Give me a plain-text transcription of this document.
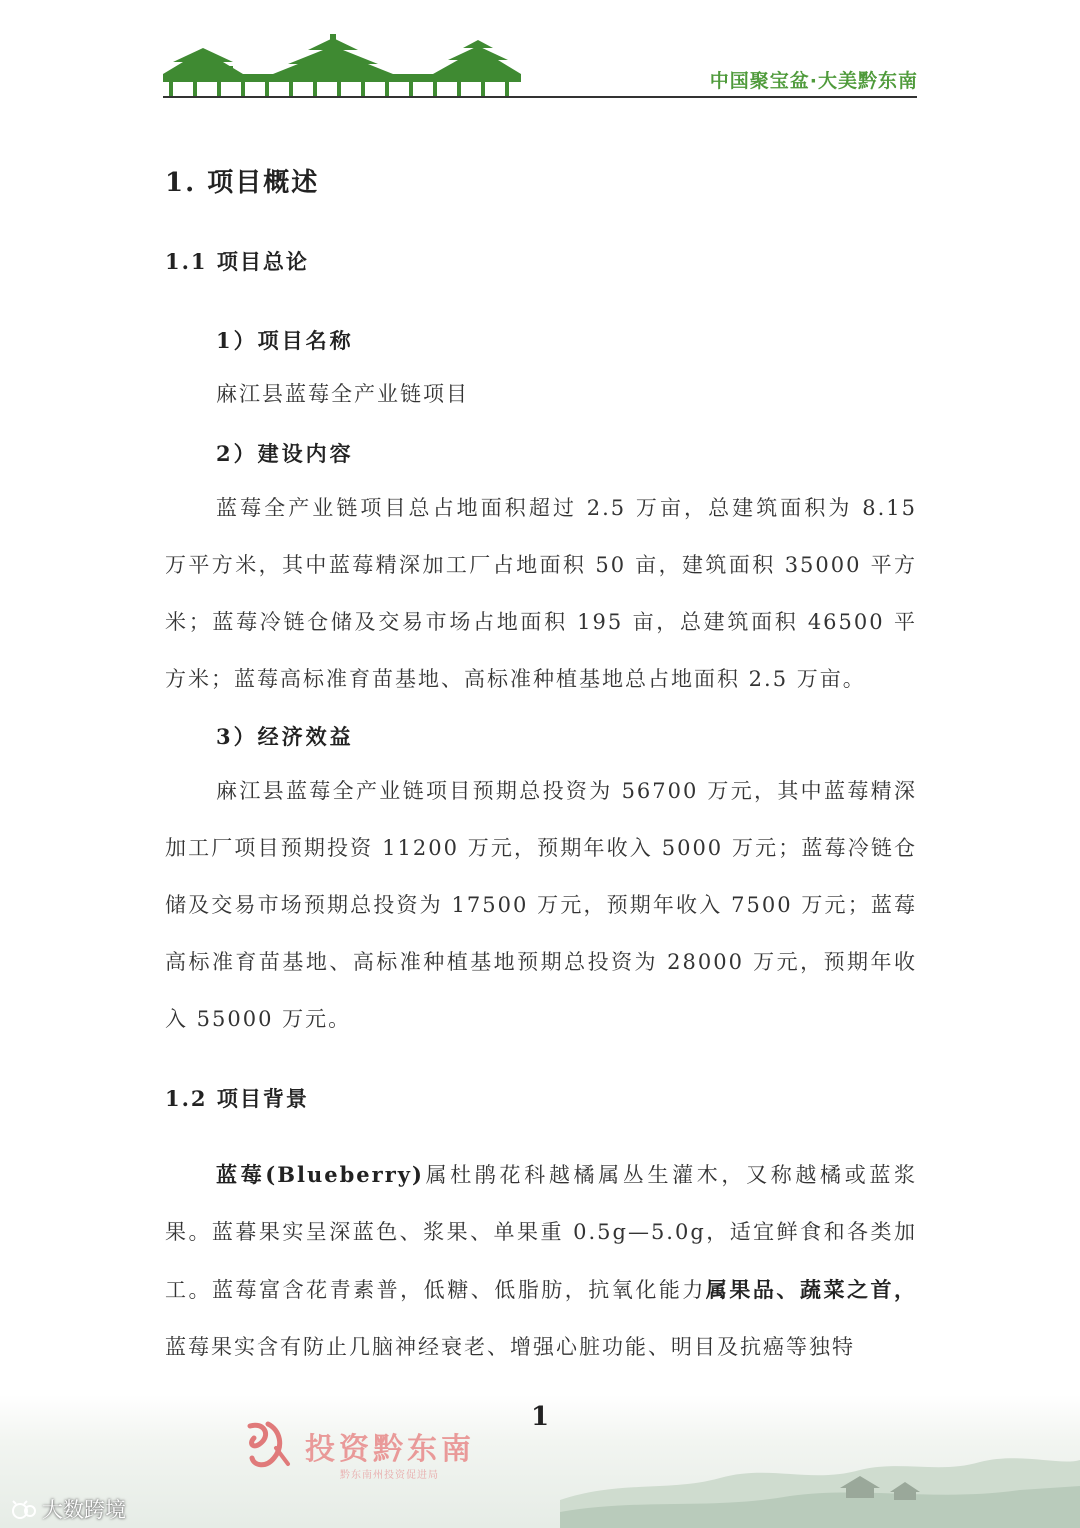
中国聚宝盆·大美黔东南
1. 项目概述
1.1 项目总论
1）项目名称

麻江县蓝莓全产业链项目

2）建设内容

蓝莓全产业链项目总占地面积超过 2.5 万亩，总建筑面积为 8.15 万平方米，其中蓝莓精深加工厂占地面积 50 亩，建筑面积 35000 平方米；蓝莓冷链仓储及交易市场占地面积 195 亩，总建筑面积 46500 平方米；蓝莓高标准育苗基地、高标准种植基地总占地面积 2.5 万亩。

3）经济效益

麻江县蓝莓全产业链项目预期总投资为 56700 万元，其中蓝莓精深加工厂项目预期投资 11200 万元，预期年收入 5000 万元；蓝莓冷链仓储及交易市场预期总投资为 17500 万元，预期年收入 7500 万元；蓝莓高标准育苗基地、高标准种植基地预期总投资为 28000 万元，预期年收入 55000 万元。

1.2 项目背景

蓝莓(Blueberry)属杜鹃花科越橘属丛生灌木，又称越橘或蓝浆果。蓝暮果实呈深蓝色、浆果、单果重 0.5g—5.0g，适宜鲜食和各类加工。蓝莓富含花青素普，低糖、低脂肪，抗氧化能力属果品、蔬菜之首，蓝莓果实含有防止几脑神经衰老、增强心脏功能、明目及抗癌等独特

投资黔东南
黔东南州投资促进局
1
大数跨境
